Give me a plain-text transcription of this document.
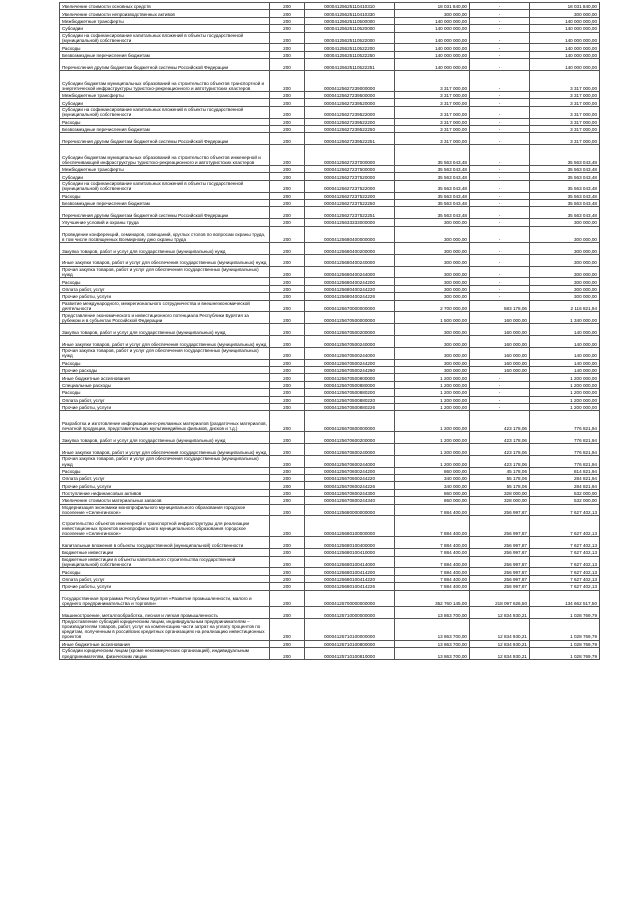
Увеличение стоимости основных средств	200	00004125625110410310	18 031 840,00	-	18 031 840,00
Увеличение стоимости непроизводственных активов	200	00004125625110410330	300 000,00	-	300 000,00
Межбюджетные трансферты	200	00004125625110500000	140 000 000,00	-	140 000 000,00
Субсидии	200	00004125625110520000	140 000 000,00	-	140 000 000,00
Субсидии на софинансирование капитальных вложений в объекты государственной (муниципальной) собственности	200	00004125625110522000	140 000 000,00	-	140 000 000,00
Расходы	200	00004125625110522200	140 000 000,00	-	140 000 000,00
Безвозмездные перечисления бюджетам	200	00004125625110522250	140 000 000,00	-	140 000 000,00
Перечисления другим бюджетам бюджетной системы Российской Федерации	200	00004125625110522251	140 000 000,00	-	140 000 000,00
Субсидии бюджетам муниципальных образований на строительство объектов транспортной и энергетической инфраструктуры туристско-рекреационного и автотуристских кластеров	200	00004125627239000000	3 317 000,00	-	3 317 000,00
Межбюджетные трансферты	200	00004125627239500000	3 317 000,00	-	3 317 000,00
Субсидии	200	00004125627239520000	3 317 000,00	-	3 317 000,00
Субсидии на софинансирование капитальных вложений в объекты государственной (муниципальной) собственности	200	00004125627239522000	3 317 000,00	-	3 317 000,00
Расходы	200	00004125627239522200	3 317 000,00	-	3 317 000,00
Безвозмездные перечисления бюджетам	200	00004125627239522250	3 317 000,00	-	3 317 000,00
Перечисления другим бюджетам бюджетной системы Российской Федерации	200	00004125627239522251	3 317 000,00	-	3 317 000,00
Субсидии бюджетам муниципальных образований на строительство объектов инженерной и обеспечивающей инфраструктуры туристско-рекреационного и автотуристских кластеров	200	00004125627237000000	35 563 043,48	-	35 563 043,48
Межбюджетные трансферты	200	00004125627237500000	35 563 043,48	-	35 563 043,48
Субсидии	200	00004125627237520000	35 563 043,48	-	35 563 043,48
Субсидии на софинансирование капитальных вложений в объекты государственной (муниципальной) собственности	200	00004125627237522000	35 563 043,48	-	35 563 043,48
Расходы	200	00004125627237522200	35 563 043,48	-	35 563 043,48
Безвозмездные перечисления бюджетам	200	00004125627237522250	35 563 043,48	-	35 563 043,48
Перечисления другим бюджетам бюджетной системы Российской Федерации	200	00004125627237522251	35 563 043,48	-	35 563 043,48
Улучшение условий и охраны труда	200	00004125633333000000	300 000,00	-	300 000,00
Проведение конференций, семинаров, совещаний, круглых столов по вопросам охраны труда, в том числе посвященных Всемирному дню охраны труда	200	00004125680400000000	300 000,00	-	300 000,00
Закупка товаров, работ и услуг для государственных (муниципальных) нужд	200	00004125680400200000	300 000,00	-	300 000,00
Иные закупки товаров, работ и услуг для обеспечения государственных (муниципальных) нужд	200	00004125680400240000	300 000,00	-	300 000,00
Прочая закупка товаров, работ и услуг для обеспечения государственных (муниципальных) нужд	200	00004125680400244000	300 000,00	-	300 000,00
Расходы	200	00004125680400244200	300 000,00	-	300 000,00
Оплата работ, услуг	200	00004125680400244220	300 000,00	-	300 000,00
Прочие работы, услуги	200	00004125680400244226	300 000,00	-	300 000,00
Развитие международного, межрегионального сотрудничества и внешнеэкономической деятельности	200	00004125670000000000	2 700 000,00	583 178,06	2 116 821,94
Представление экономического и инвестиционного потенциала Республики Бурятия за рубежом и в субъектах Российской Федерации	200	00004125670500000000	1 500 000,00	160 000,00	1 340 000,00
Закупка товаров, работ и услуг для государственных (муниципальных) нужд	200	00004125670500200000	300 000,00	160 000,00	140 000,00
Иные закупки товаров, работ и услуг для обеспечения государственных (муниципальных) нужд	200	00004125670500240000	300 000,00	160 000,00	140 000,00
Прочая закупка товаров, работ и услуг для обеспечения государственных (муниципальных) нужд	200	00004125670500244000	300 000,00	160 000,00	140 000,00
Расходы	200	00004125670500244200	300 000,00	160 000,00	140 000,00
Прочие расходы	200	00004125670500244290	300 000,00	160 000,00	140 000,00
Иные бюджетные ассигнования	200	00004125670500800000	1 200 000,00	-	1 200 000,00
Специальные расходы	200	00004125670500880000	1 200 000,00	-	1 200 000,00
Расходы	200	00004125670500880200	1 200 000,00	-	1 200 000,00
Оплата работ, услуг	200	00004125670500880220	1 200 000,00	-	1 200 000,00
Прочие работы, услуги	200	00004125670500880226	1 200 000,00	-	1 200 000,00
Разработка и изготовление информационно-рекламных материалов (раздаточных материалов, печатной продукции, представительских мультимедийных фильмов, дисков и т.д.)	200	00004125670600000000	1 200 000,00	423 178,06	776 821,94
Закупка товаров, работ и услуг для государственных (муниципальных) нужд	200	00004125670600200000	1 200 000,00	423 178,06	776 821,94
Иные закупки товаров, работ и услуг для обеспечения государственных (муниципальных) нужд	200	00004125670600240000	1 200 000,00	423 178,06	776 821,94
Прочая закупка товаров, работ и услуг для обеспечения государственных (муниципальных) нужд	200	00004125670600244000	1 200 000,00	423 178,06	776 821,94
Расходы	200	00004125670600244200	860 000,00	45 178,06	814 821,94
Оплата работ, услуг	200	00004125670600244220	340 000,00	55 178,06	284 821,94
Прочие работы, услуги	200	00004125670600244226	340 000,00	55 178,06	284 821,94
Поступление нефинансовых активов	200	00004125670600244300	860 000,00	328 000,00	532 000,00
Увеличение стоимости материальных запасов	200	00004125670600244340	860 000,00	328 000,00	532 000,00
Модернизация экономики монопрофильного муниципального образования городское поселение «Селенгинское»	200	00004125680000000000	7 884 400,00	256 997,87	7 627 402,13
Строительство объектов инженерной и транспортной инфраструктуры для реализации инвестиционных проектов монопрофильного муниципального образования городское поселение «Селенгинское»	200	00004125680100000000	7 884 400,00	256 997,87	7 627 402,13
Капитальные вложения в объекты государственной (муниципальной) собственности	200	00004125680100400000	7 884 400,00	256 997,87	7 627 402,13
Бюджетные инвестиции	200	00004125680100410000	7 884 400,00	256 997,87	7 627 402,13
Бюджетные инвестиции в объекты капитального строительства государственной (муниципальной) собственности	200	00004125680100414000	7 884 400,00	256 997,87	7 627 402,13
Расходы	200	00004125680100414200	7 884 400,00	256 997,87	7 627 402,13
Оплата работ, услуг	200	00004125680100414220	7 884 400,00	256 997,87	7 627 402,13
Прочие работы, услуги	200	00004125680100414226	7 884 400,00	256 997,87	7 627 402,13
Государственная программа Республики Бурятия «Развитие промышленности, малого и среднего предпринимательства и торговли»	200	00004125700000000000	352 760 145,00	218 097 626,50	134 662 517,50
Машиностроение, металлообработка, лесная и легкая промышленность	200	00004125710000000000	13 863 700,00	12 834 930,21	1 028 769,79
Предоставление субсидий юридическим лицам, индивидуальным предпринимателям – производителям товаров, работ, услуг на компенсацию части затрат на уплату процентов по кредитам, полученным в российских кредитных организациях на реализацию инвестиционных проектов	200	00004125710100000000	13 863 700,00	12 834 930,21	1 028 769,79
Иные бюджетные ассигнования	200	00004125710100800000	13 863 700,00	12 834 930,21	1 028 769,79
Субсидии юридическим лицам (кроме некоммерческих организаций), индивидуальным предпринимателям, физическим лицам	200	00004125710100810000	13 863 700,00	12 834 930,21	1 028 769,79
